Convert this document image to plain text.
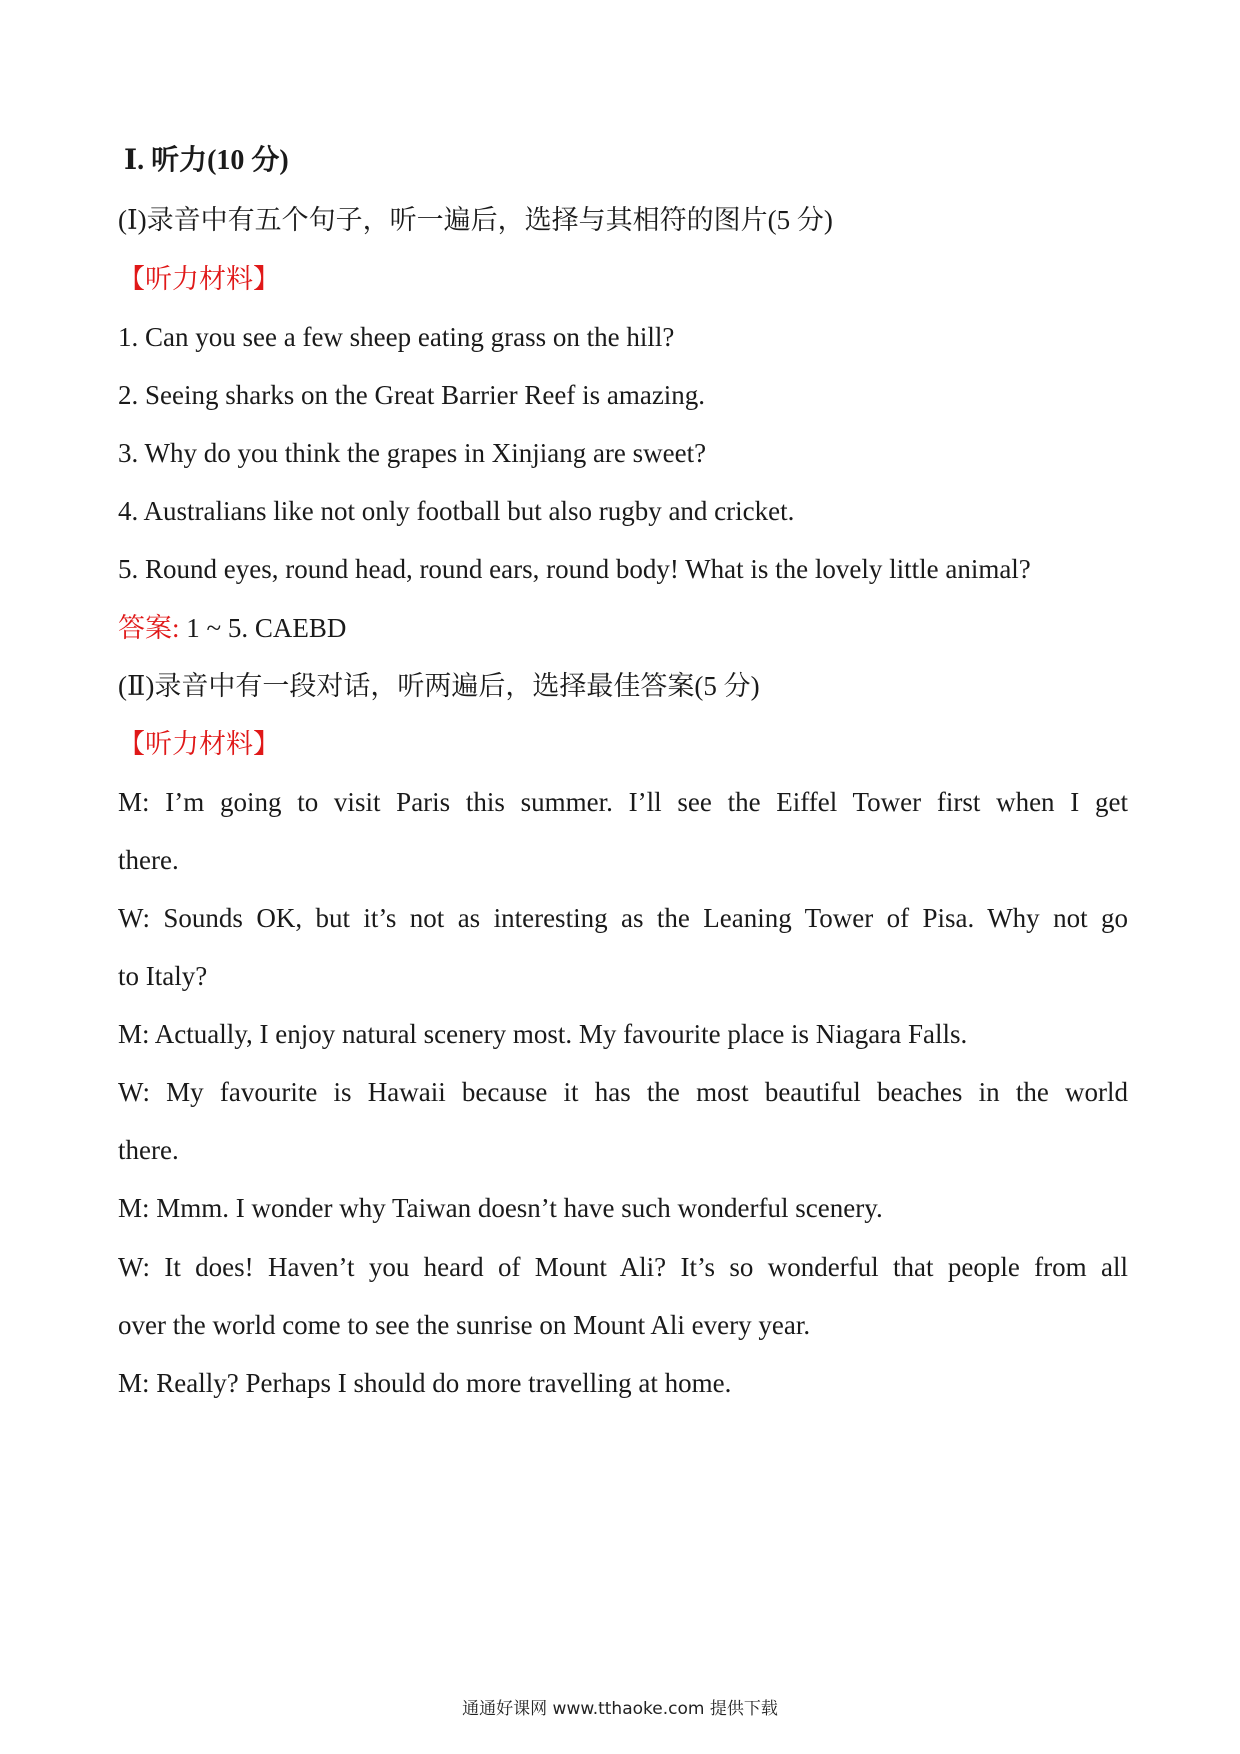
Ⅰ. 听力(10 分)
(Ⅰ)录音中有五个句子，听一遍后，选择与其相符的图片(5 分)
【听力材料】
1. Can you see a few sheep eating grass on the hill?
2. Seeing sharks on the Great Barrier Reef is amazing.
3. Why do you think the grapes in Xinjiang are sweet?
4. Australians like not only football but also rugby and cricket.
5. Round eyes, round head, round ears, round body! What is the lovely little animal?
答案: 1 ~ 5. CAEBD
(Ⅱ)录音中有一段对话，听两遍后，选择最佳答案(5 分)
【听力材料】
M: I’m going to visit Paris this summer. I’ll see the Eiffel Tower first when I get
there.
W: Sounds OK, but it’s not as interesting as the Leaning Tower of Pisa. Why not go
to Italy?
M: Actually, I enjoy natural scenery most. My favourite place is Niagara Falls.
W: My favourite is Hawaii because it has the most beautiful beaches in the world
there.
M: Mmm. I wonder why Taiwan doesn’t have such wonderful scenery.
W: It does! Haven’t you heard of Mount Ali? It’s so wonderful that people from all
over the world come to see the sunrise on Mount Ali every year.
M: Really? Perhaps I should do more travelling at home.
通通好课网 www.tthaoke.com 提供下载
